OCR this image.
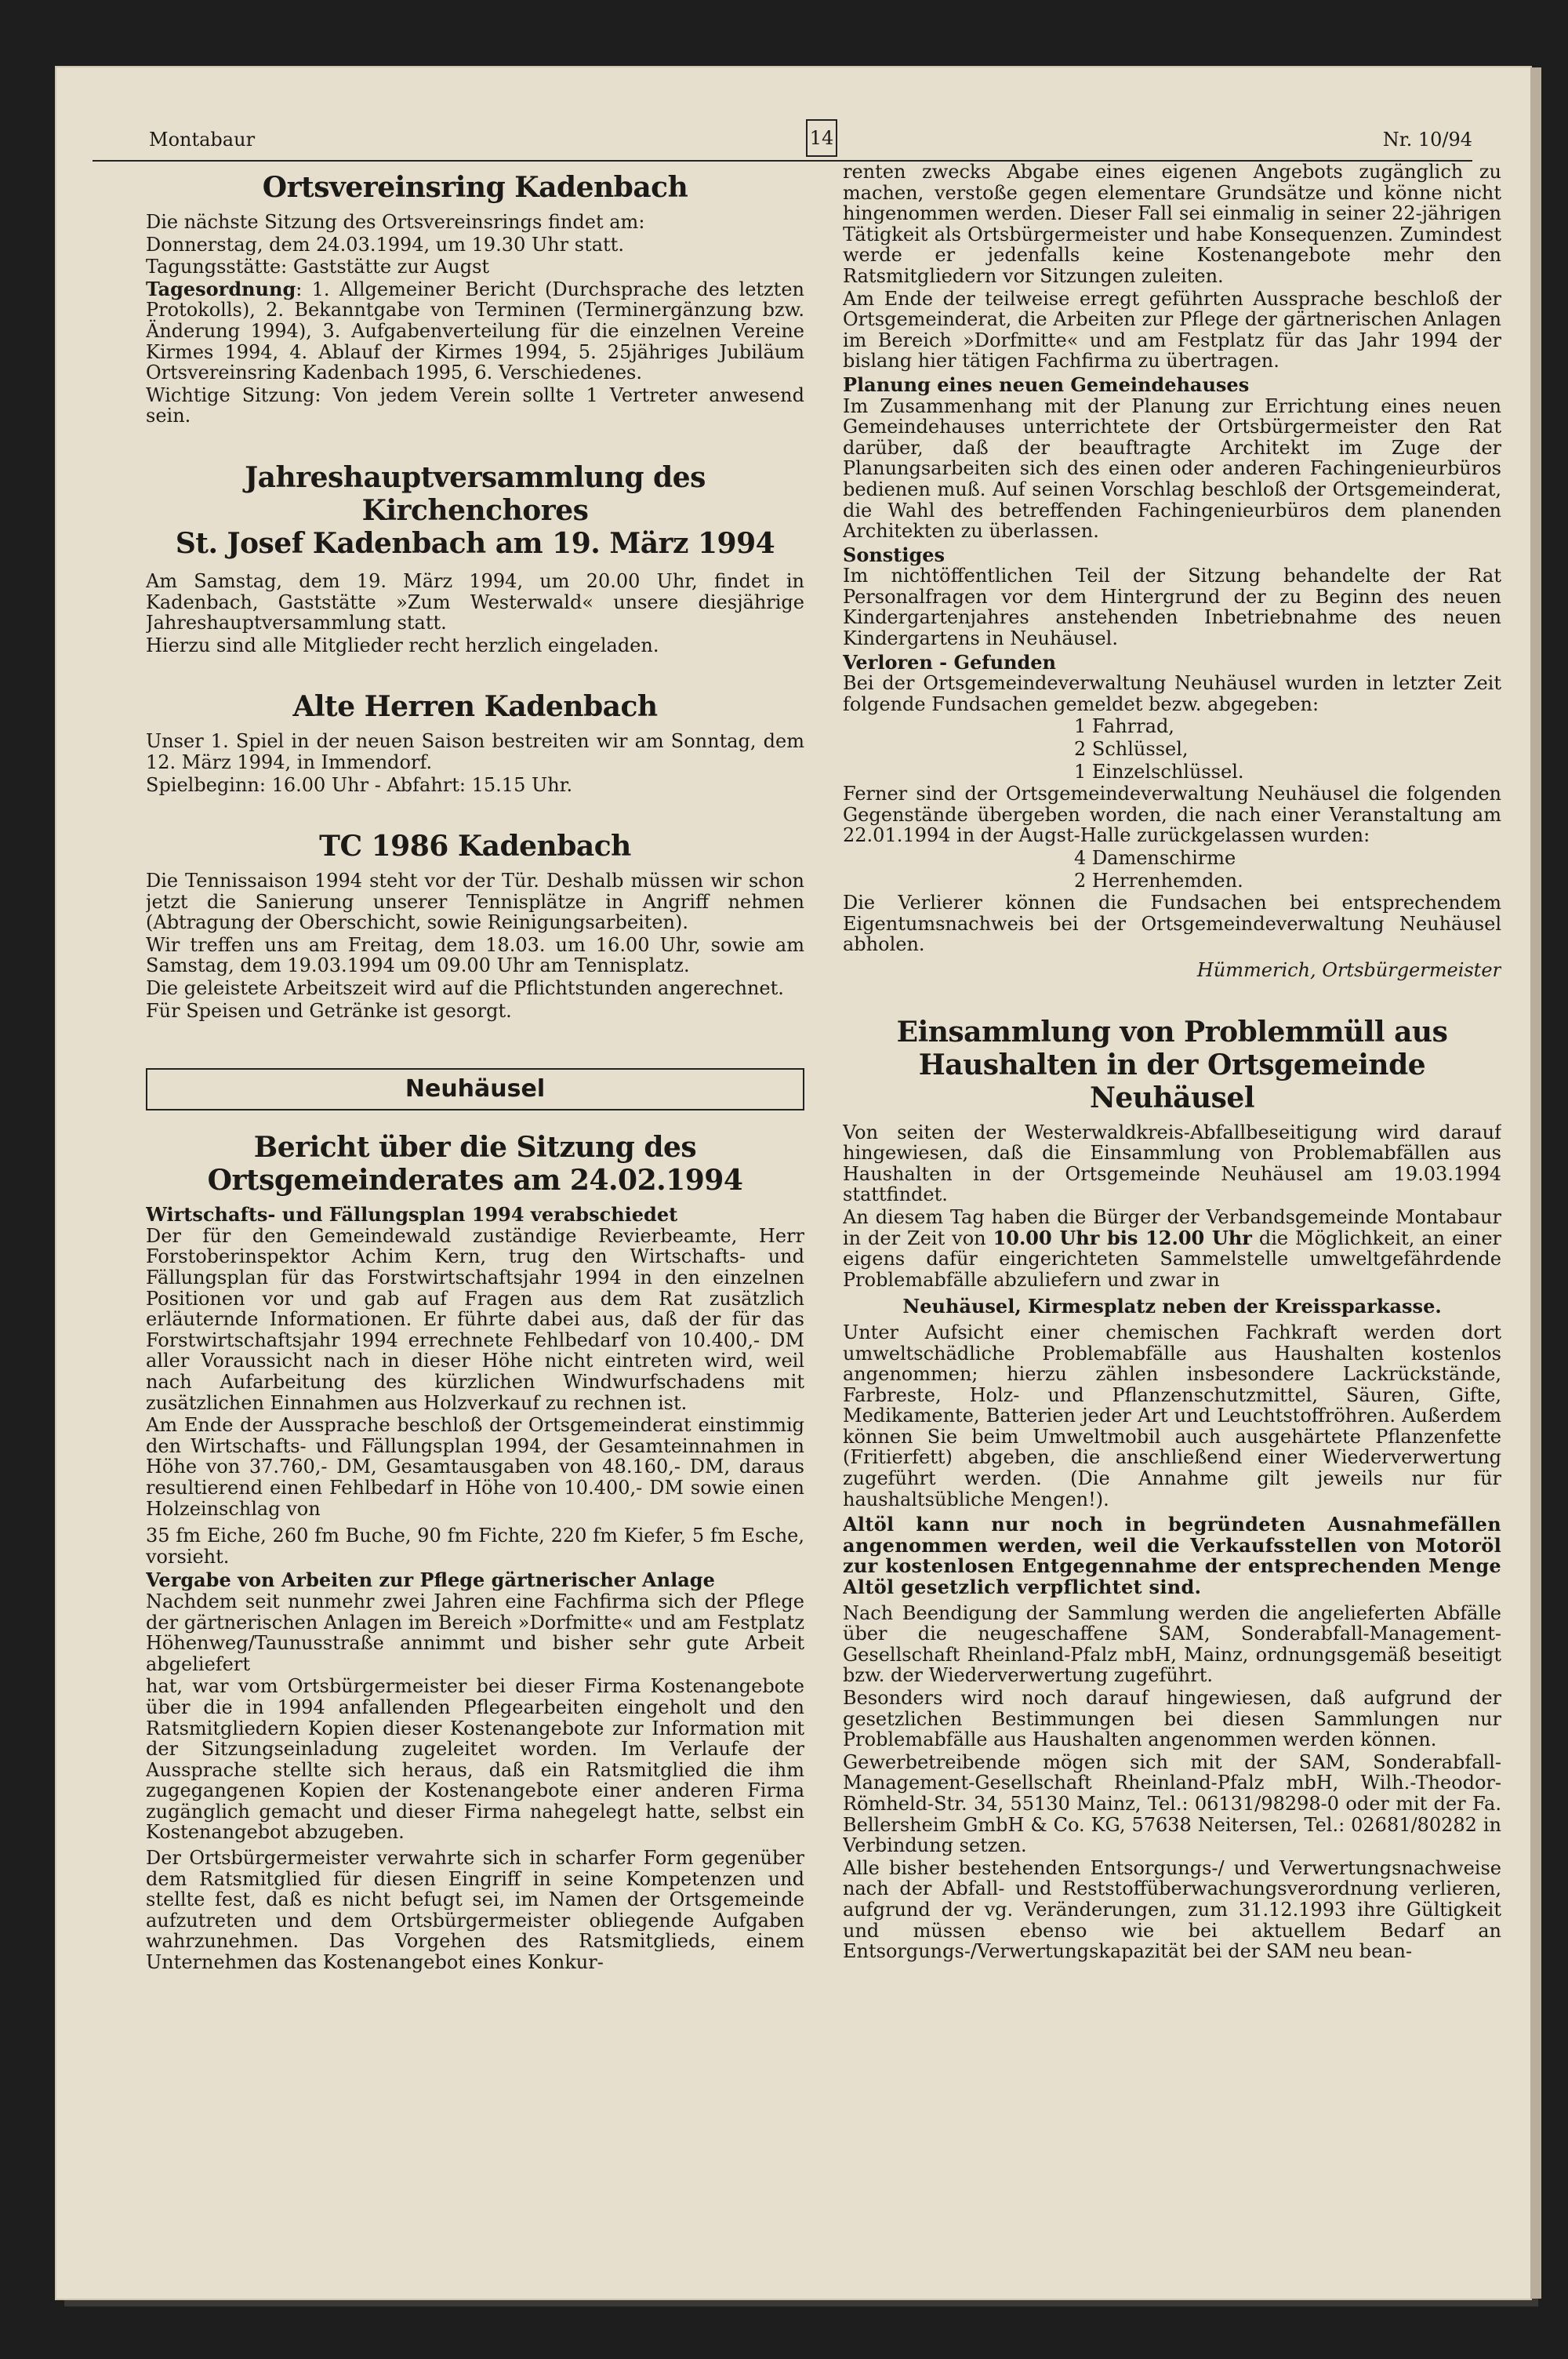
Montabaur	14	Nr. 10/94
Ortsvereinsring Kadenbach

Die nächste Sitzung des Ortsvereinsrings findet am:

Donnerstag, dem 24.03.1994, um 19.30 Uhr statt.

Tagungsstätte: Gaststätte zur Augst

Tagesordnung: 1. Allgemeiner Bericht (Durchsprache des letzten Protokolls), 2. Bekanntgabe von Terminen (Terminergänzung bzw. Änderung 1994), 3. Aufgabenverteilung für die einzelnen Vereine Kirmes 1994, 4. Ablauf der Kirmes 1994, 5. 25jähriges Jubiläum Ortsvereinsring Kadenbach 1995, 6. Verschiedenes.

Wichtige Sitzung: Von jedem Verein sollte 1 Vertreter anwesend sein.

Jahreshauptversammlung des Kirchenchores
St. Josef Kadenbach am 19. März 1994

Am Samstag, dem 19. März 1994, um 20.00 Uhr, findet in Kadenbach, Gaststätte »Zum Westerwald« unsere diesjährige Jahreshauptversammlung statt.

Hierzu sind alle Mitglieder recht herzlich eingeladen.

Alte Herren Kadenbach

Unser 1. Spiel in der neuen Saison bestreiten wir am Sonntag, dem 12. März 1994, in Immendorf.

Spielbeginn: 16.00 Uhr - Abfahrt: 15.15 Uhr.

TC 1986 Kadenbach

Die Tennissaison 1994 steht vor der Tür. Deshalb müssen wir schon jetzt die Sanierung unserer Tennisplätze in Angriff nehmen (Abtragung der Oberschicht, sowie Reinigungsarbeiten).

Wir treffen uns am Freitag, dem 18.03. um 16.00 Uhr, sowie am Samstag, dem 19.03.1994 um 09.00 Uhr am Tennisplatz.

Die geleistete Arbeitszeit wird auf die Pflichtstunden angerechnet.

Für Speisen und Getränke ist gesorgt.

Neuhäusel
Bericht über die Sitzung des
Ortsgemeinderates am 24.02.1994
Wirtschafts- und Fällungsplan 1994 verabschiedet

Der für den Gemeindewald zuständige Revierbeamte, Herr Forstoberinspektor Achim Kern, trug den Wirtschafts- und Fällungsplan für das Forstwirtschaftsjahr 1994 in den einzelnen Positionen vor und gab auf Fragen aus dem Rat zusätzlich erläuternde Informationen. Er führte dabei aus, daß der für das Forstwirtschaftsjahr 1994 errechnete Fehlbedarf von 10.400,- DM aller Voraussicht nach in dieser Höhe nicht eintreten wird, weil nach Aufarbeitung des kürzlichen Windwurfschadens mit zusätzlichen Einnahmen aus Holzverkauf zu rechnen ist.

Am Ende der Aussprache beschloß der Ortsgemeinderat einstimmig den Wirtschafts- und Fällungsplan 1994, der Gesamteinnahmen in Höhe von 37.760,- DM, Gesamtausgaben von 48.160,- DM, daraus resultierend einen Fehlbedarf in Höhe von 10.400,- DM sowie einen Holzeinschlag von

35 fm Eiche, 260 fm Buche, 90 fm Fichte, 220 fm Kiefer, 5 fm Esche, vorsieht.

Vergabe von Arbeiten zur Pflege gärtnerischer Anlage

Nachdem seit nunmehr zwei Jahren eine Fachfirma sich der Pflege der gärtnerischen Anlagen im Bereich »Dorfmitte« und am Festplatz Höhenweg/Taunusstraße annimmt und bisher sehr gute Arbeit abgeliefert

hat, war vom Ortsbürgermeister bei dieser Firma Kostenangebote über die in 1994 anfallenden Pflegearbeiten eingeholt und den Ratsmitgliedern Kopien dieser Kostenangebote zur Information mit der Sitzungseinladung zugeleitet worden. Im Verlaufe der Aussprache stellte sich heraus, daß ein Ratsmitglied die ihm zugegangenen Kopien der Kostenangebote einer anderen Firma zugänglich gemacht und dieser Firma nahegelegt hatte, selbst ein Kostenangebot abzugeben.

Der Ortsbürgermeister verwahrte sich in scharfer Form gegenüber dem Ratsmitglied für diesen Eingriff in seine Kompetenzen und stellte fest, daß es nicht befugt sei, im Namen der Ortsgemeinde aufzutreten und dem Ortsbürgermeister obliegende Aufgaben wahrzunehmen. Das Vorgehen des Ratsmitglieds, einem Unternehmen das Kostenangebot eines Konkur-

renten zwecks Abgabe eines eigenen Angebots zugänglich zu machen, verstoße gegen elementare Grundsätze und könne nicht hingenommen werden. Dieser Fall sei einmalig in seiner 22-jährigen Tätigkeit als Ortsbürgermeister und habe Konsequenzen. Zumindest werde er jedenfalls keine Kostenangebote mehr den Ratsmitgliedern vor Sitzungen zuleiten.

Am Ende der teilweise erregt geführten Aussprache beschloß der Ortsgemeinderat, die Arbeiten zur Pflege der gärtnerischen Anlagen im Bereich »Dorfmitte« und am Festplatz für das Jahr 1994 der bislang hier tätigen Fachfirma zu übertragen.

Planung eines neuen Gemeindehauses

Im Zusammenhang mit der Planung zur Errichtung eines neuen Gemeindehauses unterrichtete der Ortsbürgermeister den Rat darüber, daß der beauftragte Architekt im Zuge der Planungsarbeiten sich des einen oder anderen Fachingenieurbüros bedienen muß. Auf seinen Vorschlag beschloß der Ortsgemeinderat, die Wahl des betreffenden Fachingenieurbüros dem planenden Architekten zu überlassen.

Sonstiges

Im nichtöffentlichen Teil der Sitzung behandelte der Rat Personalfragen vor dem Hintergrund der zu Beginn des neuen Kindergartenjahres anstehenden Inbetriebnahme des neuen Kindergartens in Neuhäusel.

Verloren - Gefunden

Bei der Ortsgemeindeverwaltung Neuhäusel wurden in letzter Zeit folgende Fundsachen gemeldet bezw. abgegeben:

1 Fahrrad,

2 Schlüssel,

1 Einzelschlüssel.

Ferner sind der Ortsgemeindeverwaltung Neuhäusel die folgenden Gegenstände übergeben worden, die nach einer Veranstaltung am 22.01.1994 in der Augst-Halle zurückgelassen wurden:

4 Damenschirme

2 Herrenhemden.

Die Verlierer können die Fundsachen bei entsprechendem Eigentumsnachweis bei der Ortsgemeindeverwaltung Neuhäusel abholen.

Hümmerich, Ortsbürgermeister

Einsammlung von Problemmüll aus
Haushalten in der Ortsgemeinde Neuhäusel

Von seiten der Westerwaldkreis-Abfallbeseitigung wird darauf hingewiesen, daß die Einsammlung von Problemabfällen aus Haushalten in der Ortsgemeinde Neuhäusel am 19.03.1994 stattfindet.

An diesem Tag haben die Bürger der Verbandsgemeinde Montabaur in der Zeit von 10.00 Uhr bis 12.00 Uhr die Möglichkeit, an einer eigens dafür eingerichteten Sammelstelle umweltgefährdende Problemabfälle abzuliefern und zwar in

Neuhäusel, Kirmesplatz neben der Kreissparkasse.

Unter Aufsicht einer chemischen Fachkraft werden dort umweltschädliche Problemabfälle aus Haushalten kostenlos angenommen; hierzu zählen insbesondere Lackrückstände, Farbreste, Holz- und Pflanzenschutzmittel, Säuren, Gifte, Medikamente, Batterien jeder Art und Leuchtstoffröhren. Außerdem können Sie beim Umweltmobil auch ausgehärtete Pflanzenfette (Fritierfett) abgeben, die anschließend einer Wiederverwertung zugeführt werden. (Die Annahme gilt jeweils nur für haushaltsübliche Mengen!).

Altöl kann nur noch in begründeten Ausnahmefällen angenommen werden, weil die Verkaufsstellen von Motoröl zur kostenlosen Entgegennahme der entsprechenden Menge Altöl gesetzlich verpflichtet sind.

Nach Beendigung der Sammlung werden die angelieferten Abfälle über die neugeschaffene SAM, Sonderabfall-Management-Gesellschaft Rheinland-Pfalz mbH, Mainz, ordnungsgemäß beseitigt bzw. der Wiederverwertung zugeführt.

Besonders wird noch darauf hingewiesen, daß aufgrund der gesetzlichen Bestimmungen bei diesen Sammlungen nur Problemabfälle aus Haushalten angenommen werden können.

Gewerbetreibende mögen sich mit der SAM, Sonderabfall-Management-Gesellschaft Rheinland-Pfalz mbH, Wilh.-Theodor-Römheld-Str. 34, 55130 Mainz, Tel.: 06131/98298-0 oder mit der Fa. Bellersheim GmbH & Co. KG, 57638 Neitersen, Tel.: 02681/80282 in Verbindung setzen.

Alle bisher bestehenden Entsorgungs-/ und Verwertungsnachweise nach der Abfall- und Reststoffüberwachungsverordnung verlieren, aufgrund der vg. Veränderungen, zum 31.12.1993 ihre Gültigkeit und müssen ebenso wie bei aktuellem Bedarf an Entsorgungs-/Verwertungskapazität bei der SAM neu bean-
